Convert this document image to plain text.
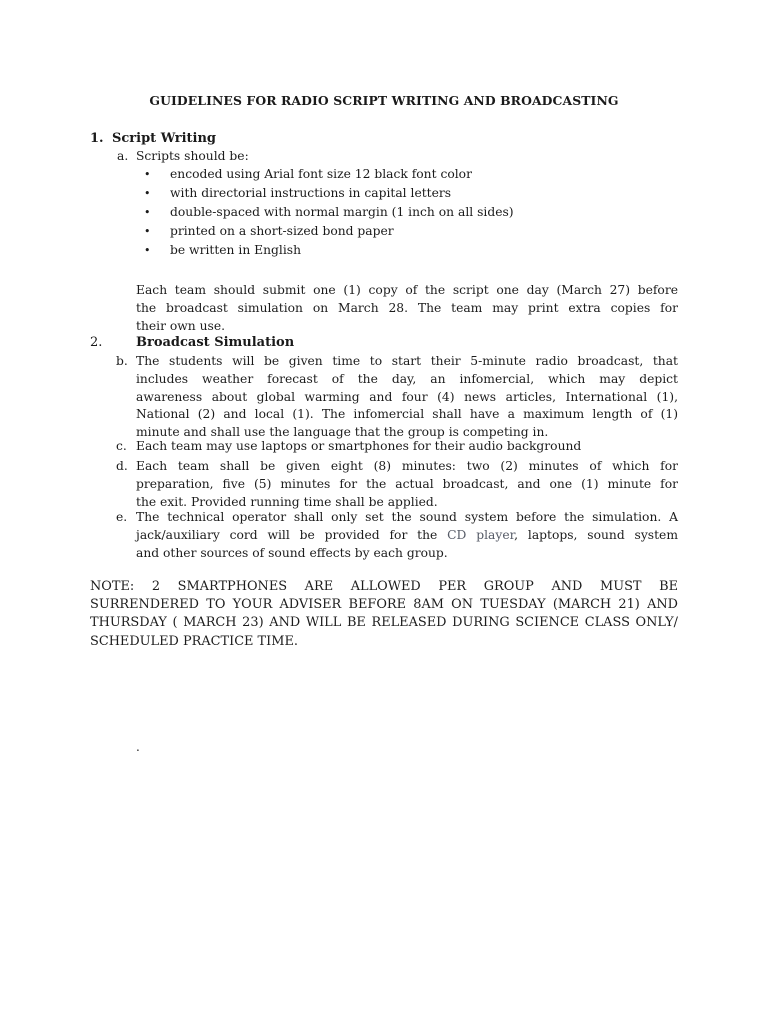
GUIDELINES FOR RADIO SCRIPT WRITING AND BROADCASTING
1. Script Writing
a. Scripts should be:
• encoded using Arial font size 12 black font color
• with directorial instructions in capital letters
• double-spaced with normal margin (1 inch on all sides)
• printed on a short-sized bond paper
• be written in English
Each team should submit one (1) copy of the script one day (March 27) before
the broadcast simulation on March 28. The team may print extra copies for
their own use.
2.	Broadcast Simulation
b. The students will be given time to start their 5-minute radio broadcast, that
includes weather forecast of the day, an infomercial, which may depict
awareness about global warming and four (4) news articles, International (1),
National (2) and local (1). The infomercial shall have a maximum length of (1)
minute and shall use the language that the group is competing in.
c. Each team may use laptops or smartphones for their audio background
d. Each team shall be given eight (8) minutes: two (2) minutes of which for
preparation, five (5) minutes for the actual broadcast, and one (1) minute for
the exit. Provided running time shall be applied.
e. The technical operator shall only set the sound system before the simulation. A
jack/auxiliary cord will be provided for the CD player, laptops, sound system
and other sources of sound effects by each group.
NOTE: 2 SMARTPHONES ARE ALLOWED PER GROUP AND MUST BE
SURRENDERED TO YOUR ADVISER BEFORE 8AM ON TUESDAY (MARCH 21) AND
THURSDAY ( MARCH 23) AND WILL BE RELEASED DURING SCIENCE CLASS ONLY/
SCHEDULED PRACTICE TIME.
.
